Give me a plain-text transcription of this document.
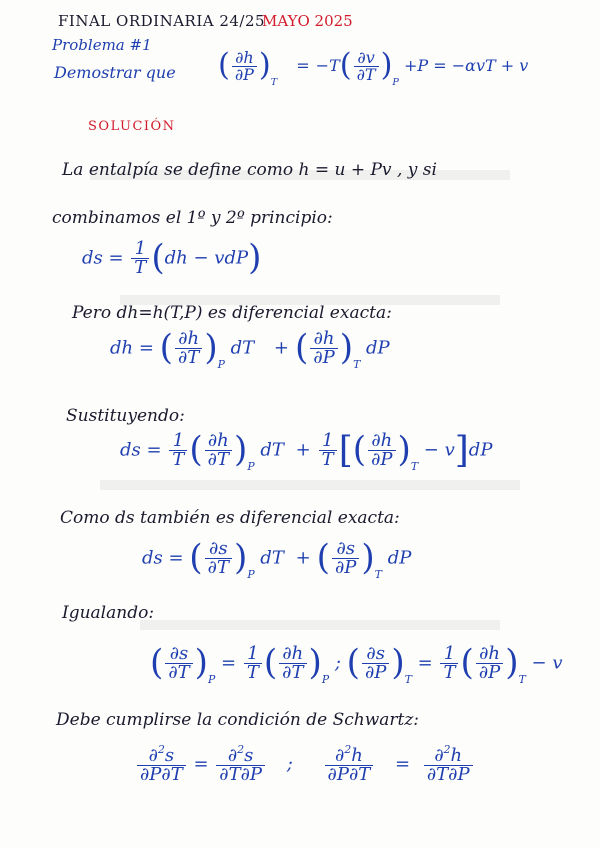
FINAL ORDINARIA 24/25
MAYO 2025
Problema #1
Demostrar que ( $\frac{\partial h}{\partial P} )T = -T( \frac{\partial v}{\partial T} )P +P = -\alpha vT + v$
SOLUCIÓN
La entalpía se define como h = u + Pv , y si
combinamos el 1º y 2º principio:
ds = $\frac{1}{T} (dh - vdP)$
Pero dh=h(T,P) es diferencial exacta:
dh = ( $\frac{\partial h}{\partial T} )P$ dT + ( $\frac{\partial h}{\partial P} )T$ dP
Sustituyendo:
ds = $\frac{1}{T}$ ( $\frac{\partial h}{\partial T} )P$ dT + $\frac{1}{T}$ [( $\frac{\partial h}{\partial P} )T - v]dP$
Como ds también es diferencial exacta:
ds = ( $\frac{\partial s}{\partial T} )P$ dT + ( $\frac{\partial s}{\partial P} )T$ dP
Igualando:
( $\frac{\partial s}{\partial T} )P = \frac{1}{T}$ ( $\frac{\partial h}{\partial T} )P$ ; ( $\frac{\partial s}{\partial P} )T = \frac{1}{T}$ ( $\frac{\partial h}{\partial P} )T - v$
Debe cumplirse la condición de Schwartz:
$\frac{\partial^2s}{\partial P\partial T} = \frac{\partial^2s}{\partial T\partial P}$ ; $\frac{\partial^2h}{\partial P\partial T} = \frac{\partial^2h}{\partial T\partial P}$
